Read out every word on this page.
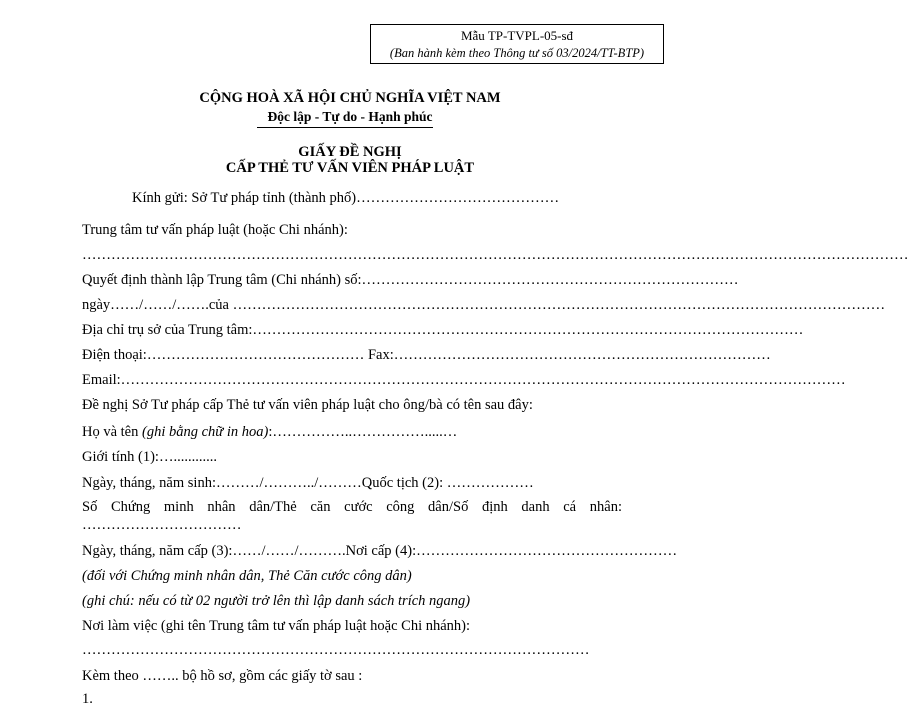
Mẫu TP-TVPL-05-sđ
(Ban hành kèm theo Thông tư số 03/2024/TT-BTP)
CỘNG HOÀ XÃ HỘI CHỦ NGHĨA VIỆT NAM
Độc lập - Tự do - Hạnh phúc
GIẤY ĐỀ NGHỊ
CẤP THẺ TƯ VẤN VIÊN PHÁP LUẬT
Kính gửi: Sở Tư pháp tỉnh (thành phố)……………………………………
Trung tâm tư vấn pháp luật (hoặc Chi nhánh):
………………………………………………………………………………………………………………………………………………………
Quyết định thành lập Trung tâm (Chi nhánh) số:……………………………………………………………………
ngày……/……/…….của ………………………………………………………………………………………………………………………
Địa chỉ trụ sở của Trung tâm:……………………………………………………………………………………………………
Điện thoại:……………………………………… Fax:……………………………………………………………………
Email:……………………………………………………………………………………………………………………………………
Đề nghị Sở Tư pháp cấp Thẻ tư vấn viên pháp luật cho ông/bà có tên sau đây:
Họ và tên (ghi bằng chữ in hoa):……………..…………….....…
Giới tính (1):…............
Ngày, tháng, năm sinh:………/………../………Quốc tịch (2): ………………
Số Chứng minh nhân dân/Thẻ căn cước công dân/Số định danh cá nhân:
……………………………
Ngày, tháng, năm cấp (3):……/……/……….Nơi cấp (4):………………………………………………
(đối với Chứng minh nhân dân, Thẻ Căn cước công dân)
(ghi chú: nếu có từ 02 người trở lên thì lập danh sách trích ngang)
Nơi làm việc (ghi tên Trung tâm tư vấn pháp luật hoặc Chi nhánh):
……………………………………………………………………………………………
Kèm theo …….. bộ hồ sơ, gồm các giấy tờ sau :
1.
